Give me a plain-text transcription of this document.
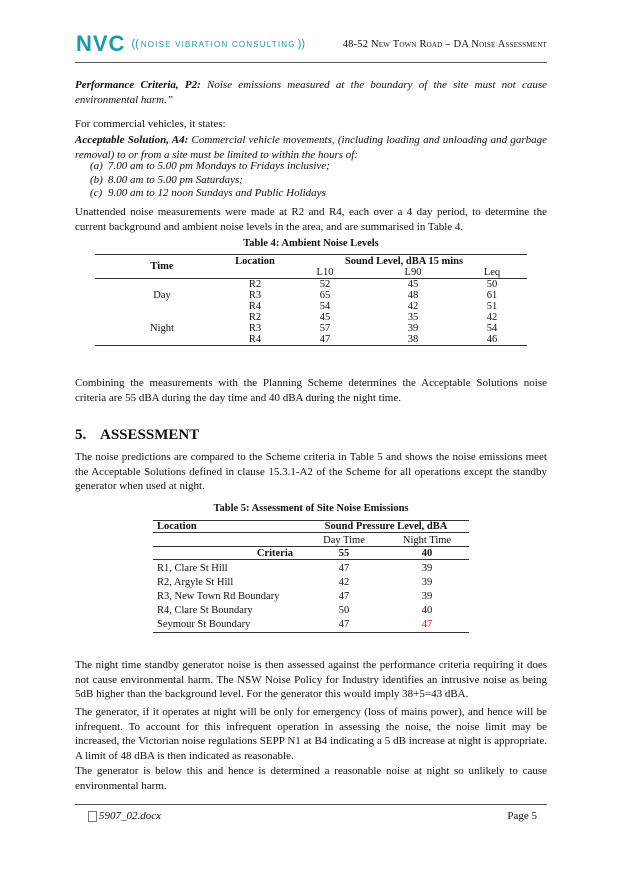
NVC (( NOISE VIBRATION CONSULTING ))	48-52 New Town Road – DA Noise Assessment

Performance Criteria, P2: Noise emissions measured at the boundary of the site must not cause environmental harm.”

For commercial vehicles, it states:

Acceptable Solution, A4: Commercial vehicle movements, (including loading and unloading and garbage removal) to or from a site must be limited to within the hours of:

(a) 7.00 am to 5.00 pm Mondays to Fridays inclusive;
(b) 8.00 am to 5.00 pm Saturdays;
(c) 9.00 am to 12 noon Sundays and Public Holidays

Unattended noise measurements were made at R2 and R4, each over a 4 day period, to determine the current background and ambient noise levels in the area, and are summarised in Table 4.

Table 4: Ambient Noise Levels
Time	Location	Sound Level, dBA 15 mins		
		L10	L90	Leq
Day	R2	52	45	50
	R3	65	48	61
	R4	54	42	51
Night	R2	45	35	42
	R3	57	39	54
	R4	47	38	46

Combining the measurements with the Planning Scheme determines the Acceptable Solutions noise criteria are 55 dBA during the day time and 40 dBA during the night time.

5. ASSESSMENT

The noise predictions are compared to the Scheme criteria in Table 5 and shows the noise emissions meet the Acceptable Solutions defined in clause 15.3.1-A2 of the Scheme for all operations except the standby generator when used at night.

Table 5: Assessment of Site Noise Emissions
Location	Sound Pressure Level, dBA	
	Day Time	Night Time
Criteria	55	40
R1, Clare St Hill	47	39
R2, Argyle St Hill	42	39
R3, New Town Rd Boundary	47	39
R4, Clare St Boundary	50	40
Seymour St Boundary	47	47

The night time standby generator noise is then assessed against the performance criteria requiring it does not cause environmental harm. The NSW Noise Policy for Industry identifies an intrusive noise as being 5dB higher than the background level. For the generator this would imply 38+5=43 dBA.

The generator, if it operates at night will be only for emergency (loss of mains power), and hence will be infrequent. To account for this infrequent operation in assessing the noise, the noise limit may be increased, the Victorian noise regulations SEPP N1 at B4 indicating a 5 dB increase at night is appropriate. A limit of 48 dBA is then indicated as reasonable.

The generator is below this and hence is determined a reasonable noise at night so unlikely to cause environmental harm.

5907_02.docx	Page 5
